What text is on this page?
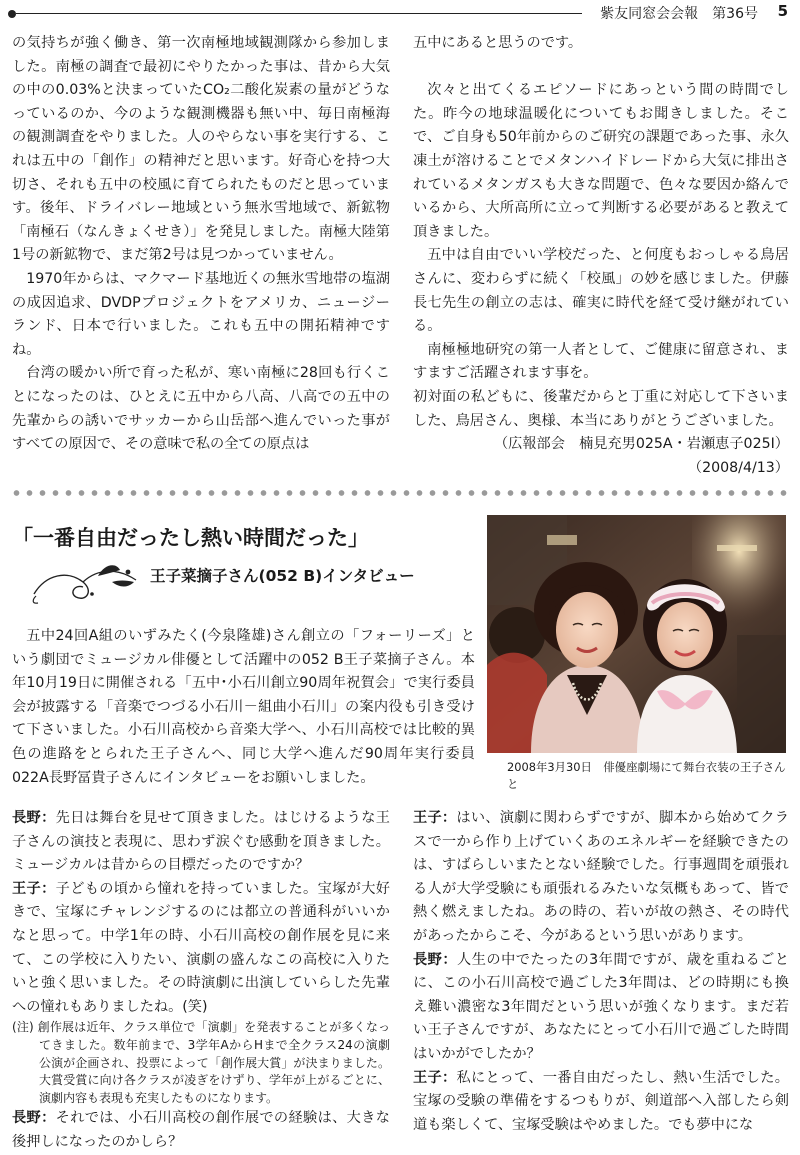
紫友同窓会会報　第36号 5

の気持ちが強く働き、第一次南極地域観測隊から参加しました。南極の調査で最初にやりたかった事は、昔から大気の中の0.03%と決まっていたCO₂二酸化炭素の量がどうなっているのか、今のような観測機器も無い中、毎日南極海の観測調査をやりました。人のやらない事を実行する、これは五中の「創作」の精神だと思います。好奇心を持つ大切さ、それも五中の校風に育てられたものだと思っています。後年、ドライバレー地域という無氷雪地域で、新鉱物　「南極石（なんきょくせき）」を発見しました。南極大陸第1号の新鉱物で、まだ第2号は見つかっていません。

1970年からは、マクマード基地近くの無氷雪地帯の塩湖の成因追求、DVDPプロジェクトをアメリカ、ニュージーランド、日本で行いました。これも五中の開拓精神ですね。

台湾の暖かい所で育った私が、寒い南極に28回も行くことになったのは、ひとえに五中から八高、八高での五中の先輩からの誘いでサッカーから山岳部へ進んでいった事がすべての原因で、その意味で私の全ての原点は

五中にあると思うのです。

次々と出てくるエピソードにあっという間の時間でした。昨今の地球温暖化についてもお聞きしました。そこで、ご自身も50年前からのご研究の課題であった事、永久凍土が溶けることでメタンハイドレードから大気に排出されているメタンガスも大きな問題で、色々な要因か絡んでいるから、大所高所に立って判断する必要があると教えて頂きました。

五中は自由でいい学校だった、と何度もおっしゃる鳥居さんに、変わらずに続く「校風」の妙を感じました。伊藤長七先生の創立の志は、確実に時代を経て受け継がれている。

南極極地研究の第一人者として、ご健康に留意され、ますますご活躍されます事を。

初対面の私どもに、後輩だからと丁重に対応して下さいました、鳥居さん、奥様、本当にありがとうございました。

（広報部会　楠見充男025A・岩瀬恵子025I）

（2008/4/13）

「一番自由だったし熱い時間だった」
王子菜摘子さん(052 B)インタビュー

五中24回A組のいずみたく(今泉隆雄)さん創立の「フォーリーズ」という劇団でミュージカル俳優として活躍中の052 B王子菜摘子さん。本年10月19日に開催される「五中･小石川創立90周年祝賀会」で実行委員会が披露する「音楽でつづる小石川－組曲小石川」の案内役も引き受けて下さいました。小石川高校から音楽大学へ、小石川高校では比較的異色の進路をとられた王子さんへ、同じ大学へ進んだ90周年実行委員022A長野冨貴子さんにインタビューをお願いしました。

2008年3月30日　俳優座劇場にて舞台衣装の王子さんと

長野：先日は舞台を見せて頂きました。はじけるような王子さんの演技と表現に、思わず涙ぐむ感動を頂きました。ミュージカルは昔からの目標だったのですか？

王子：子どもの頃から憧れを持っていました。宝塚が大好きで、宝塚にチャレンジするのには都立の普通科がいいかなと思って。中学1年の時、小石川高校の創作展を見に来て、この学校に入りたい、演劇の盛んなこの高校に入りたいと強く思いました。その時演劇に出演していらした先輩への憧れもありましたね。(笑)

(注) 創作展は近年、クラス単位で「演劇」を発表することが多くなってきました。数年前まで、3学年AからHまで全クラス24の演劇公演が企画され、投票によって「創作展大賞」が決まりました。大賞受賞に向け各クラスが凌ぎをけずり、学年が上がるごとに、演劇内容も表現も充実したものになります。

長野：それでは、小石川高校の創作展での経験は、大きな後押しになったのかしら？

王子：はい、演劇に関わらずですが、脚本から始めてクラスで一から作り上げていくあのエネルギーを経験できたのは、すばらしいまたとない経験でした。行事週間を頑張れる人が大学受験にも頑張れるみたいな気概もあって、皆で熱く燃えましたね。あの時の、若いが故の熱さ、その時代があったからこそ、今があるという思いがあります。

長野：人生の中でたったの3年間ですが、歳を重ねるごとに、この小石川高校で過ごした3年間は、どの時期にも換え難い濃密な3年間だという思いが強くなります。まだ若い王子さんですが、あなたにとって小石川で過ごした時間はいかがでしたか？

王子：私にとって、一番自由だったし、熱い生活でした。宝塚の受験の準備をするつもりが、剣道部へ入部したら剣道も楽しくて、宝塚受験はやめました。でも夢中にな
